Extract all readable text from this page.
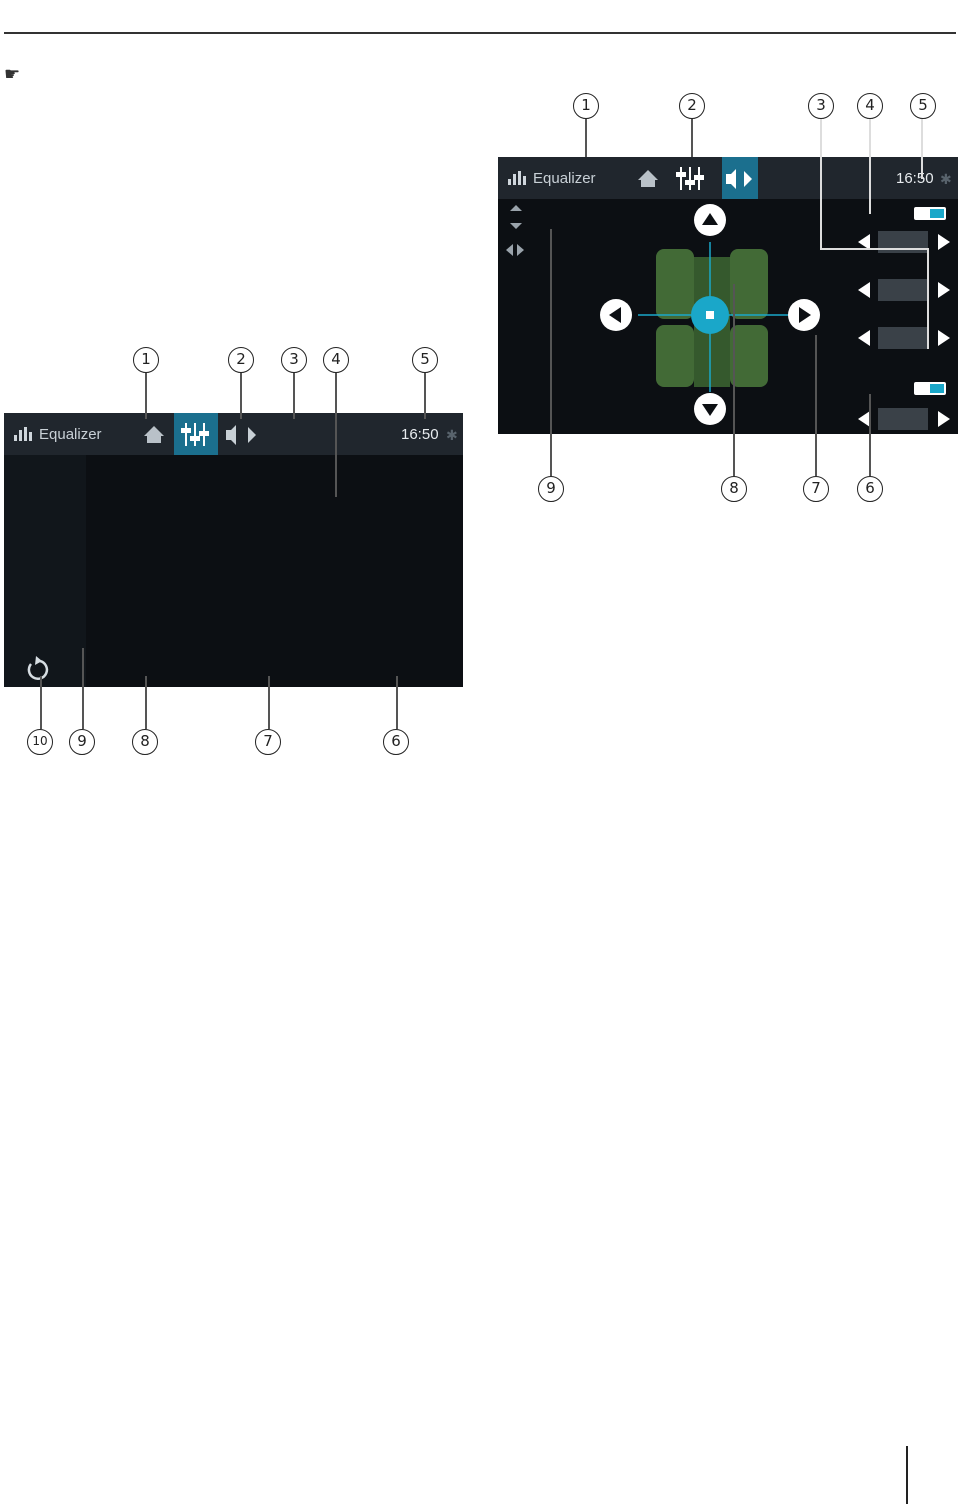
☛

1	2	3	4	5
Equalizer	16:50 ✱
10	9	8	7	6

1	2	3	4	5
Equalizer	16:50 ✱
9	8	7	6
